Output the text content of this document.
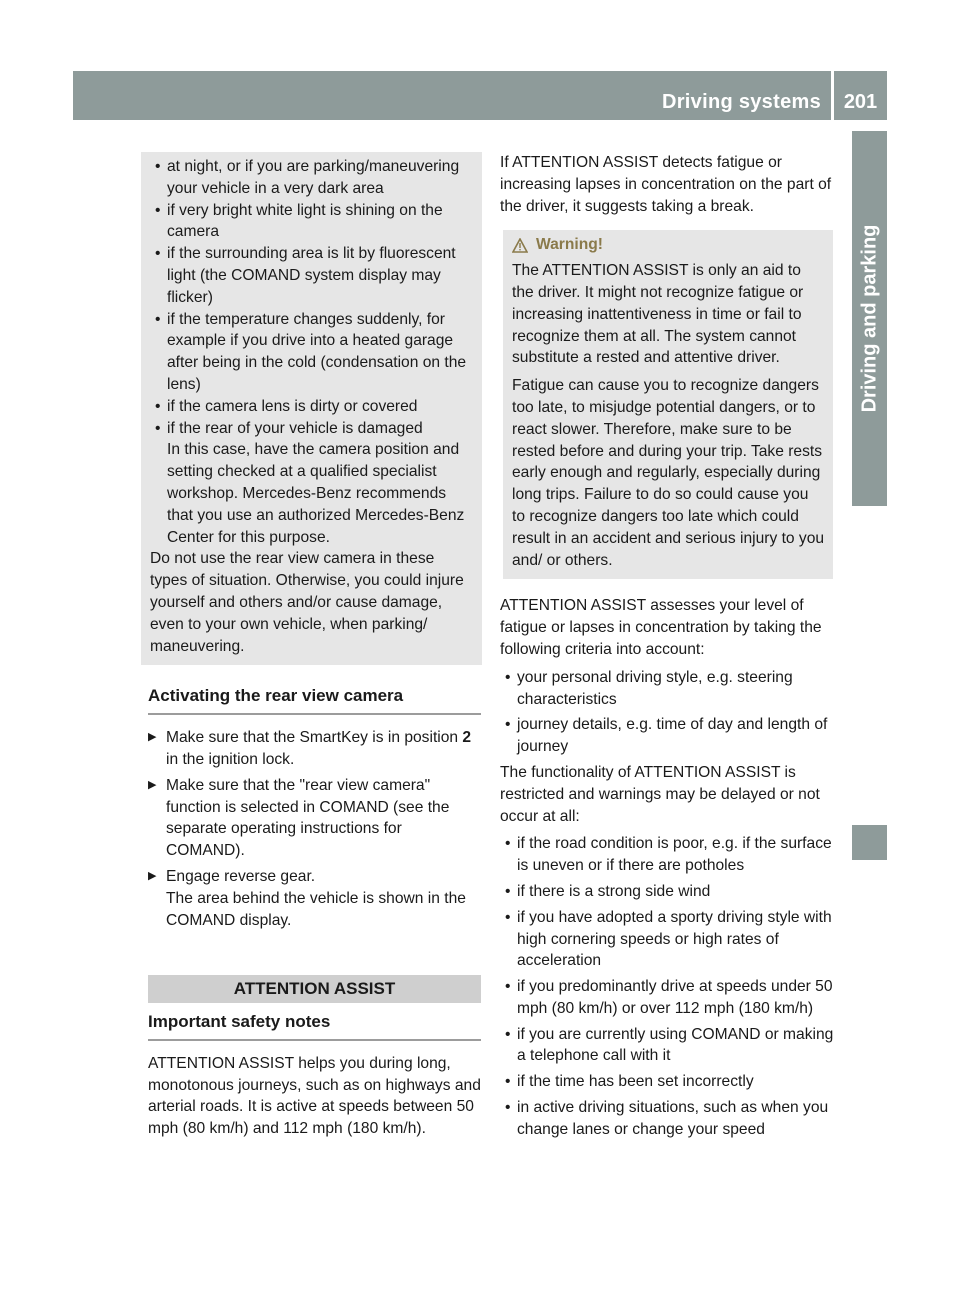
Driving systems	201
Driving and parking

• at night, or if you are parking/maneuvering your vehicle in a very dark area

• if very bright white light is shining on the camera

• if the surrounding area is lit by fluorescent light (the COMAND system display may flicker)

• if the temperature changes suddenly, for example if you drive into a heated garage after being in the cold (condensation on the lens)

• if the camera lens is dirty or covered

• if the rear of your vehicle is damaged

In this case, have the camera position and setting checked at a qualified specialist workshop. Mercedes-Benz recommends that you use an authorized Mercedes-Benz Center for this purpose.

Do not use the rear view camera in these types of situation. Otherwise, you could injure yourself and others and/or cause damage, even to your own vehicle, when parking/ maneuvering.

Activating the rear view camera

▶ Make sure that the SmartKey is in position 2 in the ignition lock.

▶ Make sure that the "rear view camera" function is selected in COMAND (see the separate operating instructions for COMAND).

▶ Engage reverse gear.
The area behind the vehicle is shown in the COMAND display.

ATTENTION ASSIST
Important safety notes

ATTENTION ASSIST helps you during long, monotonous journeys, such as on highways and arterial roads. It is active at speeds between 50 mph (80 km/h) and 112 mph (180 km/h).

If ATTENTION ASSIST detects fatigue or increasing lapses in concentration on the part of the driver, it suggests taking a break.

Warning!

The ATTENTION ASSIST is only an aid to the driver. It might not recognize fatigue or increasing inattentiveness in time or fail to recognize them at all. The system cannot substitute a rested and attentive driver.

Fatigue can cause you to recognize dangers too late, to misjudge potential dangers, or to react slower. Therefore, make sure to be rested before and during your trip. Take rests early enough and regularly, especially during long trips. Failure to do so could cause you to recognize dangers too late which could result in an accident and serious injury to you and/ or others.

ATTENTION ASSIST assesses your level of fatigue or lapses in concentration by taking the following criteria into account:

• your personal driving style, e.g. steering characteristics

• journey details, e.g. time of day and length of journey

The functionality of ATTENTION ASSIST is restricted and warnings may be delayed or not occur at all:

• if the road condition is poor, e.g. if the surface is uneven or if there are potholes

• if there is a strong side wind

• if you have adopted a sporty driving style with high cornering speeds or high rates of acceleration

• if you predominantly drive at speeds under 50 mph (80 km/h) or over 112 mph (180 km/h)

• if you are currently using COMAND or making a telephone call with it

• if the time has been set incorrectly

• in active driving situations, such as when you change lanes or change your speed
